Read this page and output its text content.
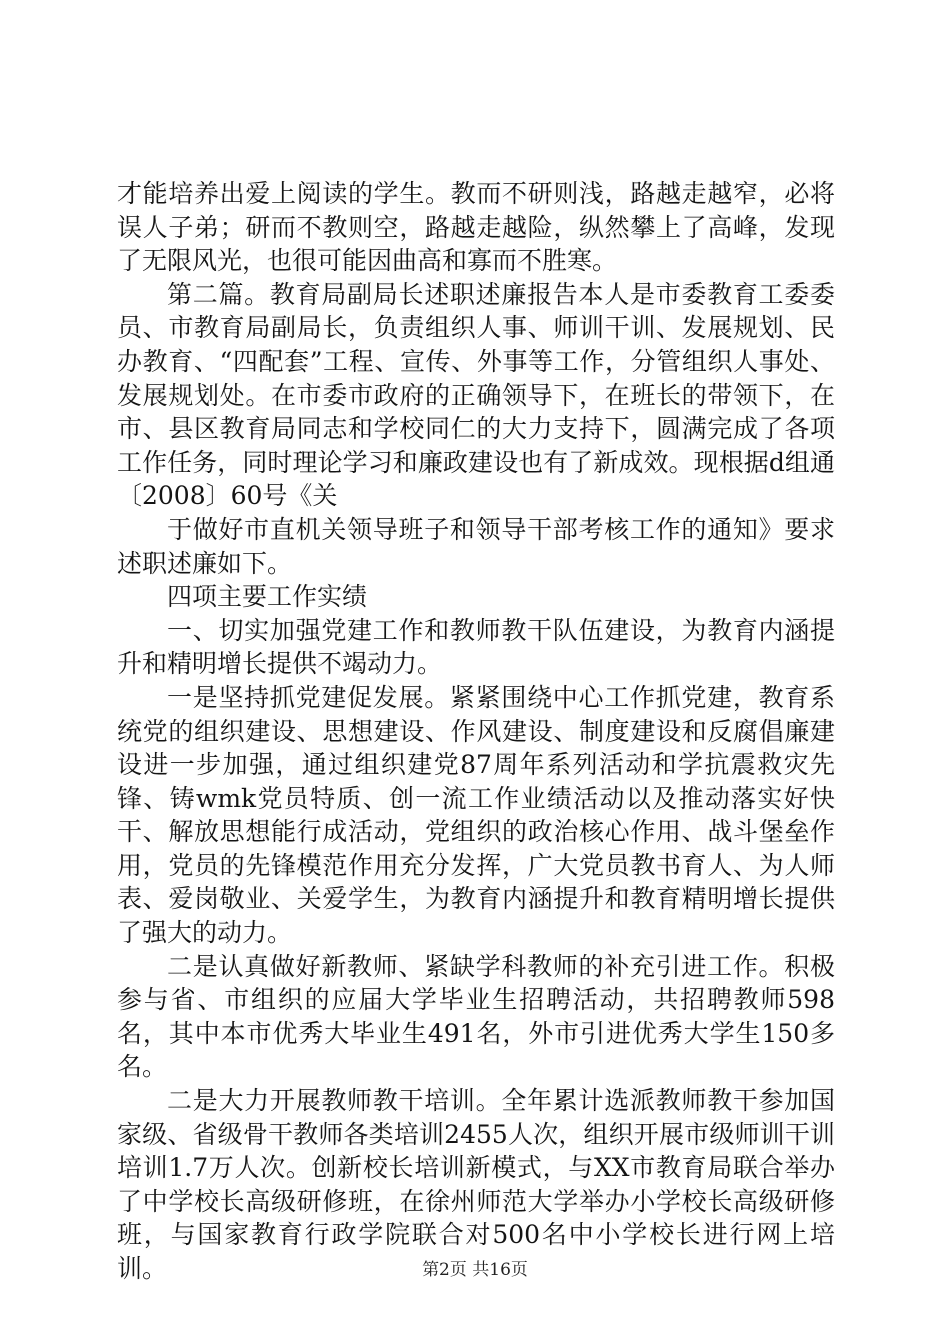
才能培养出爱上阅读的学生。教而不研则浅，路越走越窄，必将误人子弟；研而不教则空，路越走越险，纵然攀上了高峰，发现了无限风光，也很可能因曲高和寡而不胜寒。

第二篇。教育局副局长述职述廉报告本人是市委教育工委委员、市教育局副局长，负责组织人事、师训干训、发展规划、民办教育、“四配套”工程、宣传、外事等工作，分管组织人事处、发展规划处。在市委市政府的正确领导下，在班长的带领下，在市、县区教育局同志和学校同仁的大力支持下，圆满完成了各项工作任务，同时理论学习和廉政建设也有了新成效。现根据d组通〔2008〕60号《关

于做好市直机关领导班子和领导干部考核工作的通知》要求述职述廉如下。

四项主要工作实绩

一、切实加强党建工作和教师教干队伍建设，为教育内涵提升和精明增长提供不竭动力。

一是坚持抓党建促发展。紧紧围绕中心工作抓党建，教育系统党的组织建设、思想建设、作风建设、制度建设和反腐倡廉建设进一步加强，通过组织建党87周年系列活动和学抗震救灾先锋、铸wmk党员特质、创一流工作业绩活动以及推动落实好快干、解放思想能行成活动，党组织的政治核心作用、战斗堡垒作用，党员的先锋模范作用充分发挥，广大党员教书育人、为人师表、爱岗敬业、关爱学生，为教育内涵提升和教育精明增长提供了强大的动力。

二是认真做好新教师、紧缺学科教师的补充引进工作。积极参与省、市组织的应届大学毕业生招聘活动，共招聘教师598名，其中本市优秀大毕业生491名，外市引进优秀大学生150多名。

二是大力开展教师教干培训。全年累计选派教师教干参加国家级、省级骨干教师各类培训2455人次，组织开展市级师训干训培训1.7万人次。创新校长培训新模式，与XX市教育局联合举办了中学校长高级研修班，在徐州师范大学举办小学校长高级研修班，与国家教育行政学院联合对500名中小学校长进行网上培训。	第2页 共16页
